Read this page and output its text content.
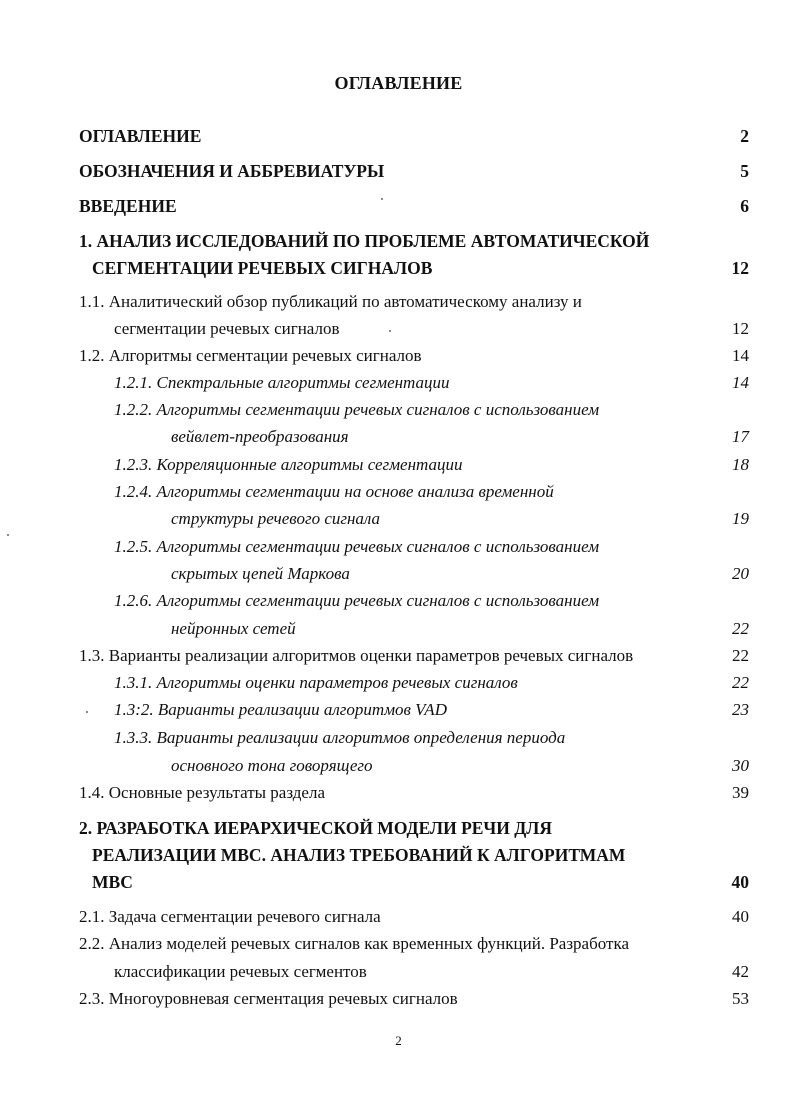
ОГЛАВЛЕНИЕ
ОГЛАВЛЕНИЕ	2
ОБОЗНАЧЕНИЯ И АББРЕВИАТУРЫ	5
ВВЕДЕНИЕ	6
1. АНАЛИЗ ИССЛЕДОВАНИЙ ПО ПРОБЛЕМЕ АВТОМАТИЧЕСКОЙ
СЕГМЕНТАЦИИ РЕЧЕВЫХ СИГНАЛОВ	12
1.1. Аналитический обзор публикаций по автоматическому анализу и
сегментации речевых сигналов	12
1.2. Алгоритмы сегментации речевых сигналов	14
1.2.1. Спектральные алгоритмы сегментации	14
1.2.2. Алгоритмы сегментации речевых сигналов с использованием
вейвлет-преобразования	17
1.2.3. Корреляционные алгоритмы сегментации	18
1.2.4. Алгоритмы сегментации на основе анализа временной
структуры речевого сигнала	19
1.2.5. Алгоритмы сегментации речевых сигналов с использованием
скрытых цепей Маркова	20
1.2.6. Алгоритмы сегментации речевых сигналов с использованием
нейронных сетей	22
1.3. Варианты реализации алгоритмов оценки параметров речевых сигналов	22
1.3.1. Алгоритмы оценки параметров речевых сигналов	22
1.3:2. Варианты реализации алгоритмов VAD	23
1.3.3. Варианты реализации алгоритмов определения периода
основного тона говорящего	30
1.4. Основные результаты раздела	39
2. РАЗРАБОТКА ИЕРАРХИЧЕСКОЙ МОДЕЛИ РЕЧИ ДЛЯ
РЕАЛИЗАЦИИ МВС. АНАЛИЗ ТРЕБОВАНИЙ К АЛГОРИТМАМ
МВС	40
2.1. Задача сегментации речевого сигнала	40
2.2. Анализ моделей речевых сигналов как временных функций. Разработка
классификации речевых сегментов	42
2.3. Многоуровневая сегментация речевых сигналов	53
2
